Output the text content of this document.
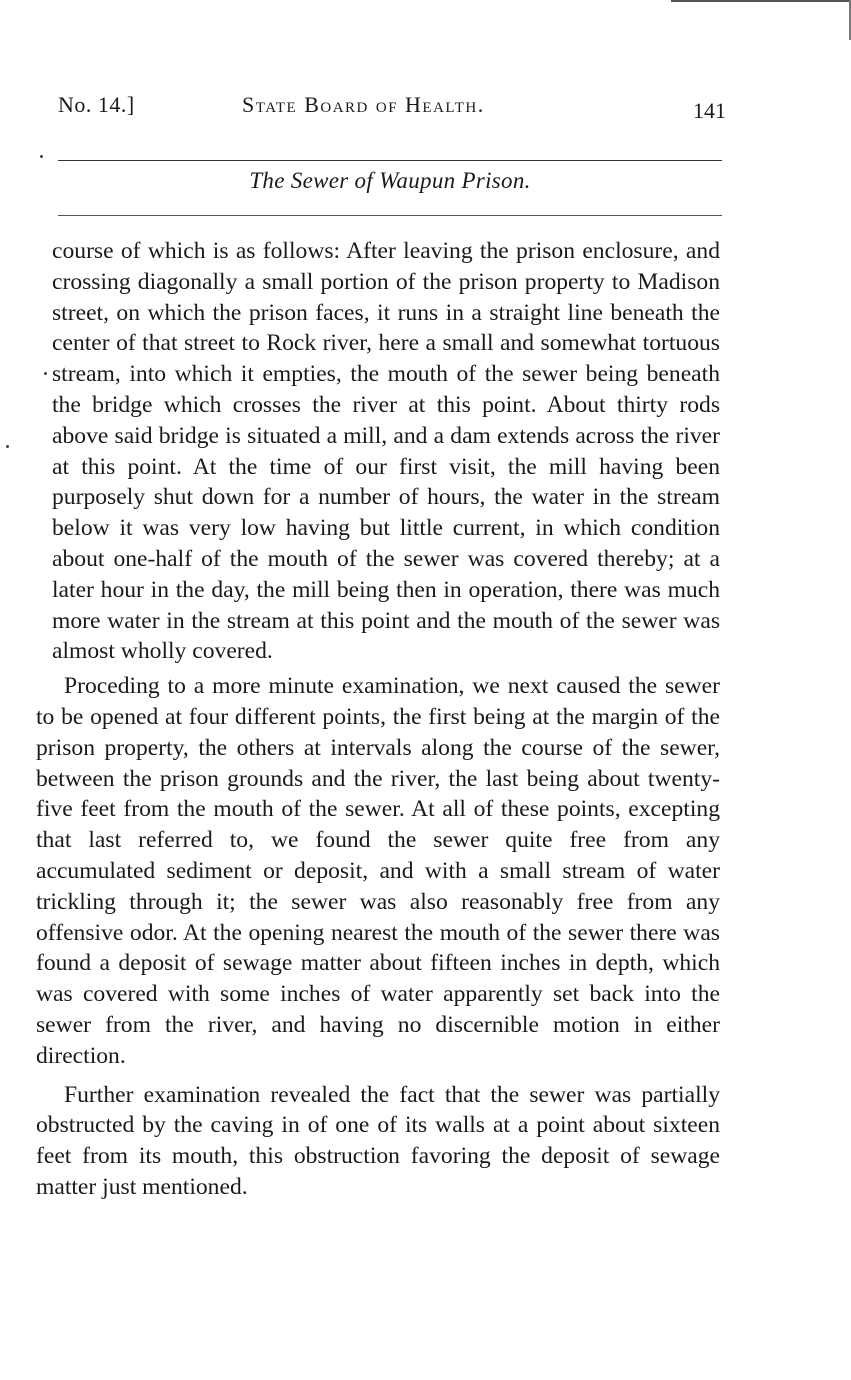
No. 14.]	State Board of Health.	141
The Sewer of Waupun Prison.

course of which is as follows: After leaving the prison enclosure, and crossing diagonally a small portion of the prison property to Madison street, on which the prison faces, it runs in a straight line beneath the center of that street to Rock river, here a small and somewhat tortuous stream, into which it empties, the mouth of the sewer being beneath the bridge which crosses the river at this point. About thirty rods above said bridge is situated a mill, and a dam extends across the river at this point. At the time of our first visit, the mill having been purposely shut down for a number of hours, the water in the stream below it was very low having but little current, in which condition about one-half of the mouth of the sewer was covered thereby; at a later hour in the day, the mill being then in operation, there was much more water in the stream at this point and the mouth of the sewer was almost wholly covered.

Proceding to a more minute examination, we next caused the sewer to be opened at four different points, the first being at the margin of the prison property, the others at intervals along the course of the sewer, between the prison grounds and the river, the last being about twenty-five feet from the mouth of the sewer. At all of these points, excepting that last referred to, we found the sewer quite free from any accumulated sediment or deposit, and with a small stream of water trickling through it; the sewer was also reasonably free from any offensive odor. At the opening nearest the mouth of the sewer there was found a deposit of sewage matter about fifteen inches in depth, which was covered with some inches of water apparently set back into the sewer from the river, and having no discernible motion in either direction.

Further examination revealed the fact that the sewer was partially obstructed by the caving in of one of its walls at a point about sixteen feet from its mouth, this obstruction favoring the deposit of sewage matter just mentioned.
